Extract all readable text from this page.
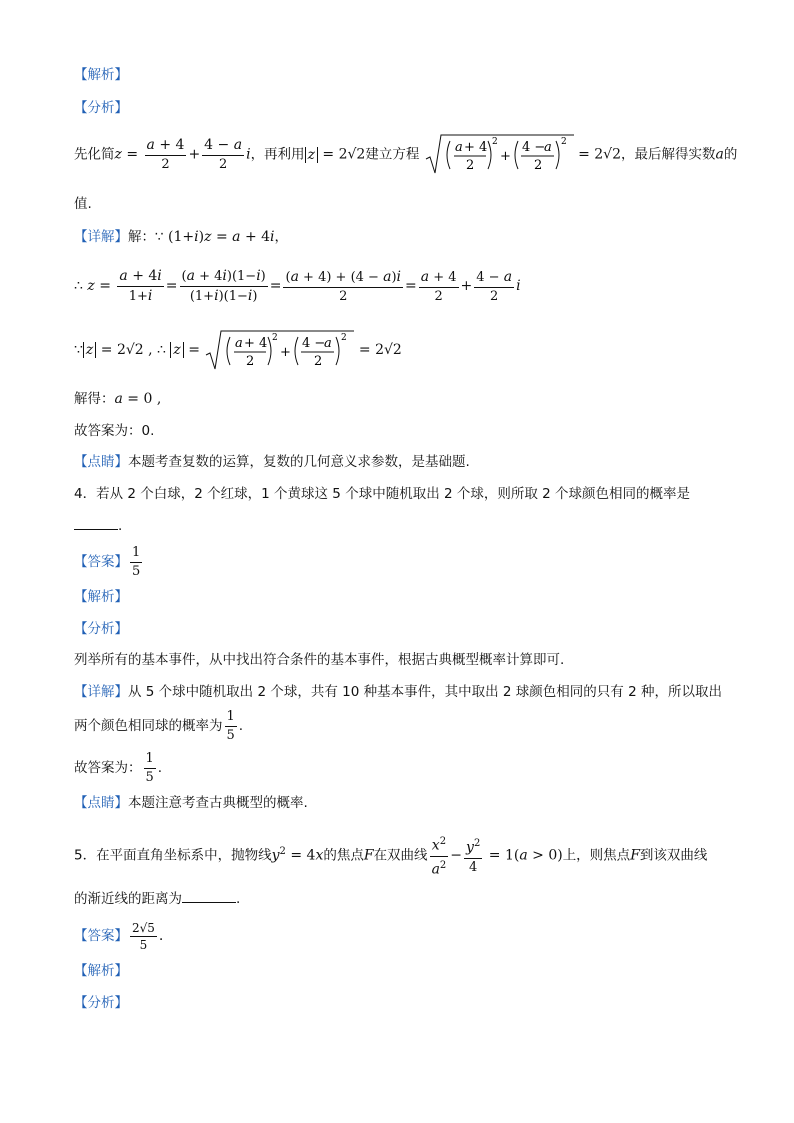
【解析】
【分析】
先化简$z = \frac{a + 4}{2} + \frac{4 - a}{2}$ i，再利用 z = 2√2建立方程	a + 4
2
2
+
4 −
a
2
2
= 2√2，最后解得实数a的
值.
【详解】解：∵ (1+i)z = a + 4i，
∴ $z = \frac{a + 4i}{1+i} = \frac{(a + 4i)(1-i)}{(1+i)(1-i)} = \frac{(a + 4) + (4 - a)i}{2} = \frac{a + 4}{2} + \frac{4 - a}{2}$ i
∵ z = 2√2 , ∴ z = a + 4
2
2
+
4 −
a
2
2
= 2√2
解得：a = 0 ,
故答案为：0.
【点睛】本题考查复数的运算，复数的几何意义求参数，是基础题.
4．若从 2 个白球，2 个红球，1 个黄球这 5 个球中随机取出 2 个球，则所取 2 个球颜色相同的概率是
.
【答案】 $\frac{1}{5}$
【解析】
【分析】
列举所有的基本事件，从中找出符合条件的基本事件，根据古典概型概率计算即可.
【详解】从 5 个球中随机取出 2 个球，共有 10 种基本事件，其中取出 2 球颜色相同的只有 2 种，所以取出
两个颜色相同球的概率为 $\frac{1}{5}$ .
故答案为： $\frac{1}{5}$ .
【点睛】本题注意考查古典概型的概率.
5．在平面直角坐标系中，抛物线$y^2 = 4x$的焦点F在双曲线 $\frac{x^2}{a^2} - \frac{y^2}{4} = 1(a > 0)$上，则焦点F到该双曲线
的渐近线的距离为	.
【答案】 $\frac{2√5}{5}$ .
【解析】
【分析】
